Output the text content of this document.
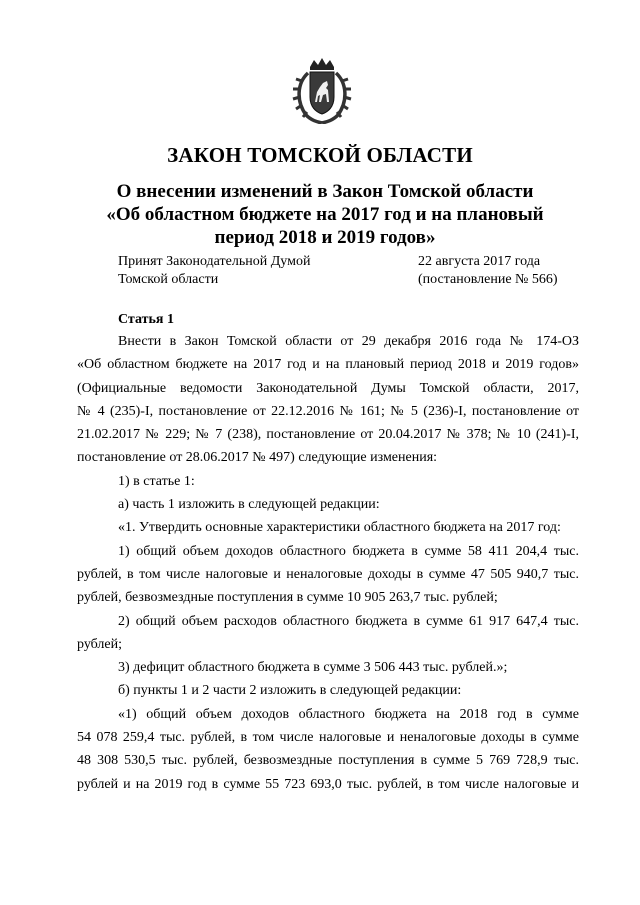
ЗАКОН ТОМСКОЙ ОБЛАСТИ
О внесении изменений в Закон Томской области
«Об областном бюджете на 2017 год и на плановый
период 2018 и 2019 годов»
Принят Законодательной Думой
Томской области
22 августа 2017 года
(постановление № 566)
Статья 1
Внести в Закон Томской области от 29 декабря 2016 года № 174-ОЗ
«Об областном бюджете на 2017 год и на плановый период 2018 и 2019 годов»
(Официальные ведомости Законодательной Думы Томской области, 2017,
№ 4 (235)-I, постановление от 22.12.2016 № 161; № 5 (236)-I, постановление от
21.02.2017 № 229; № 7 (238), постановление от 20.04.2017 № 378; № 10 (241)-I,
постановление от 28.06.2017 № 497) следующие изменения:
1) в статье 1:
а) часть 1 изложить в следующей редакции:
«1. Утвердить основные характеристики областного бюджета на 2017 год:
1) общий объем доходов областного бюджета в сумме 58 411 204,4 тыс.
рублей, в том числе налоговые и неналоговые доходы в сумме 47 505 940,7 тыс.
рублей, безвозмездные поступления в сумме 10 905 263,7 тыс. рублей;
2) общий объем расходов областного бюджета в сумме 61 917 647,4 тыс.
рублей;
3) дефицит областного бюджета в сумме 3 506 443 тыс. рублей.»;
б) пункты 1 и 2 части 2 изложить в следующей редакции:
«1) общий объем доходов областного бюджета на 2018 год в сумме
54 078 259,4 тыс. рублей, в том числе налоговые и неналоговые доходы в сумме
48 308 530,5 тыс. рублей, безвозмездные поступления в сумме 5 769 728,9 тыс.
рублей и на 2019 год в сумме 55 723 693,0 тыс. рублей, в том числе налоговые и
